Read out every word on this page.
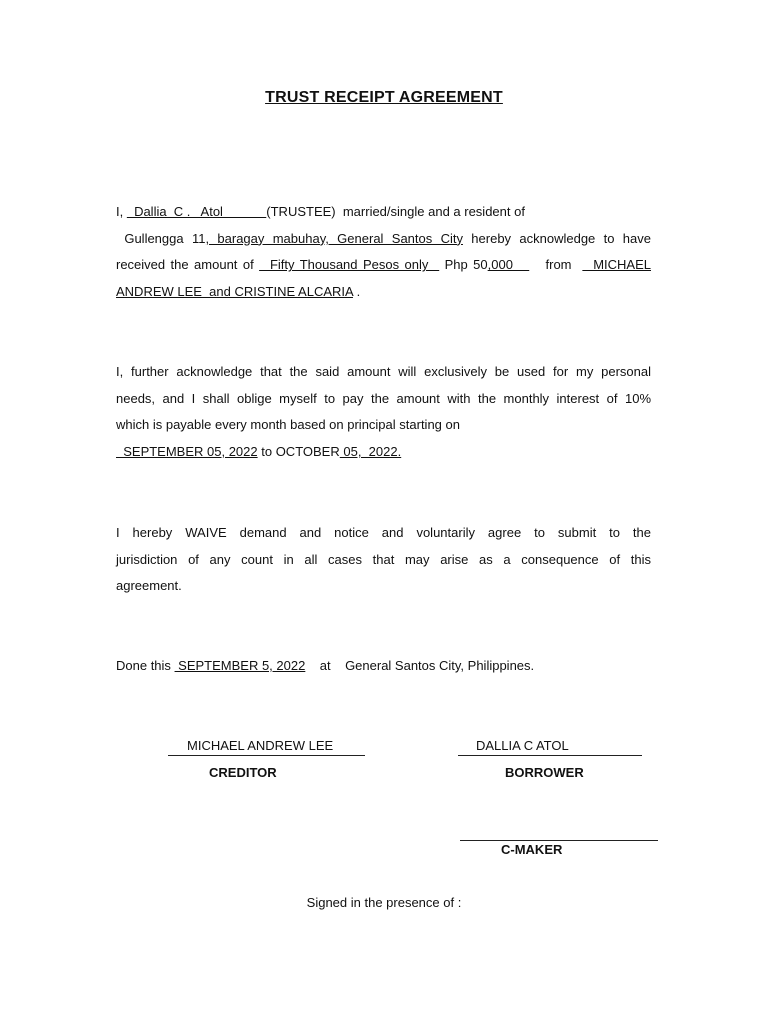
TRUST RECEIPT AGREEMENT
I,   Dallia  C .   Atol            (TRUSTEE)  married/single and a resident of
Gullengga 11, baragay mabuhay, General Santos City hereby acknowledge to have
received the amount of   Fifty Thousand Pesos only   Php 50,000      from    MICHAEL
ANDREW LEE  and CRISTINE ALCARIA .
I, further acknowledge that the said amount will exclusively be used for my personal
needs, and I shall oblige myself to pay the amount with the monthly interest of 10%
which is payable every month based on principal starting on
SEPTEMBER 05, 2022 to OCTOBER 05,  2022.
I hereby WAIVE demand and notice and voluntarily agree to submit to the
jurisdiction of any count in all cases that may arise as a consequence of this
agreement.
Done this  SEPTEMBER 5, 2022    at    General Santos City, Philippines.
MICHAEL ANDREW LEE
CREDITOR
DALLIA C ATOL
BORROWER
C-MAKER
Signed in the presence of :
